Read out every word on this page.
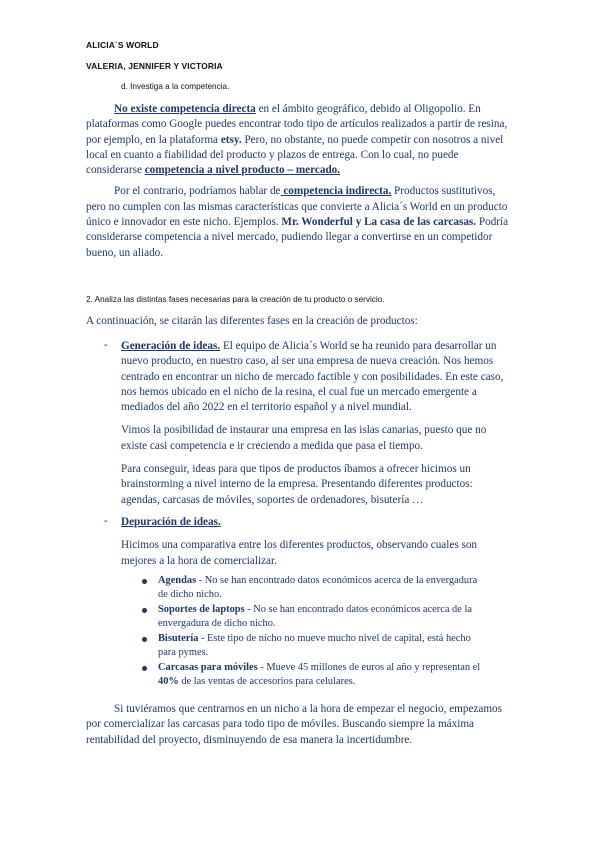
ALICIA´S WORLD
VALERIA, JENNIFER Y VICTORIA
d. Investiga a la competencia.

No existe competencia directa en el ámbito geográfico, debido al Oligopolio. En plataformas como Google puedes encontrar todo tipo de artículos realizados a partir de resina, por ejemplo, en la plataforma etsy. Pero, no obstante, no puede competir con nosotros a nivel local en cuanto a fiabilidad del producto y plazos de entrega. Con lo cual, no puede considerarse competencia a nivel producto – mercado.

Por el contrario, podríamos hablar de competencia indirecta. Productos sustitutivos, pero no cumplen con las mismas características que convierte a Alicia´s World en un producto único e innovador en este nicho. Ejemplos. Mr. Wonderful y La casa de las carcasas. Podría considerarse competencia a nivel mercado, pudiendo llegar a convertirse en un competidor bueno, un aliado.

2. Analiza las distintas fases necesarias para la creación de tu producto o servicio.
A continuación, se citarán las diferentes fases en la creación de productos:
- Generación de ideas. El equipo de Alicia´s World se ha reunido para desarrollar un nuevo producto, en nuestro caso, al ser una empresa de nueva creación. Nos hemos centrado en encontrar un nicho de mercado factible y con posibilidades. En este caso, nos hemos ubicado en el nicho de la resina, el cual fue un mercado emergente a mediados del año 2022 en el territorio español y a nivel mundial.

Vimos la posibilidad de instaurar una empresa en las islas canarias, puesto que no existe casi competencia e ir creciendo a medida que pasa el tiempo.

Para conseguir, ideas para que tipos de productos íbamos a ofrecer hicimos un brainstorming a nivel interno de la empresa. Presentando diferentes productos: agendas, carcasas de móviles, soportes de ordenadores, bisutería …

- Depuración de ideas.

Hicimos una comparativa entre los diferentes productos, observando cuales son mejores a la hora de comercializar.

Agendas - No se han encontrado datos económicos acerca de la envergadura de dicho nicho.
Soportes de laptops - No se han encontrado datos económicos acerca de la envergadura de dicho nicho.
Bisutería - Este tipo de nicho no mueve mucho nivel de capital, está hecho para pymes.
Carcasas para móviles - Mueve 45 millones de euros al año y representan el 40% de las ventas de accesorios para celulares.

Si tuviéramos que centrarnos en un nicho a la hora de empezar el negocio, empezamos por comercializar las carcasas para todo tipo de móviles. Buscando siempre la máxima rentabilidad del proyecto, disminuyendo de esa manera la incertidumbre.
